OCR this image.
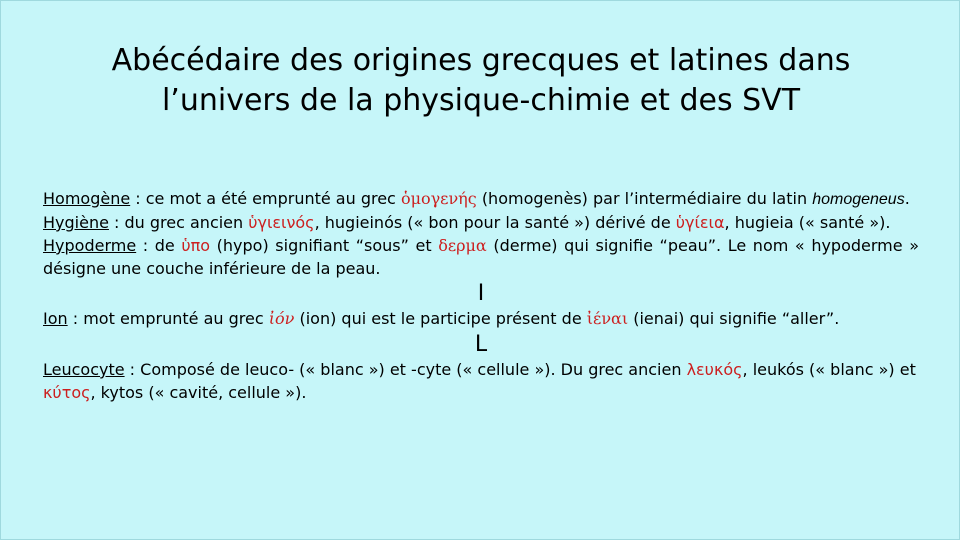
Abécédaire des origines grecques et latines dans
l’univers de la physique-chimie et des SVT

Homogène : ce mot a été emprunté au grec ὁμογενής (homogenès) par l’intermédiaire du latin homogeneus.

Hygiène : du grec ancien ὑγιεινός, hugieinós (« bon pour la santé ») dérivé de ὑγίεια, hugieia (« santé »).

Hypoderme : de ὑπο (hypo) signifiant “sous” et δερμα (derme) qui signifie “peau”. Le nom « hypoderme » désigne une couche inférieure de la peau.

I

Ion : mot emprunté au grec ἰόν (ion) qui est le participe présent de ἰέναι (ienai) qui signifie “aller”.

L

Leucocyte : Composé de leuco- (« blanc ») et -cyte (« cellule »). Du grec ancien λευκός, leukós (« blanc ») et κύτος, kytos (« cavité, cellule »).
